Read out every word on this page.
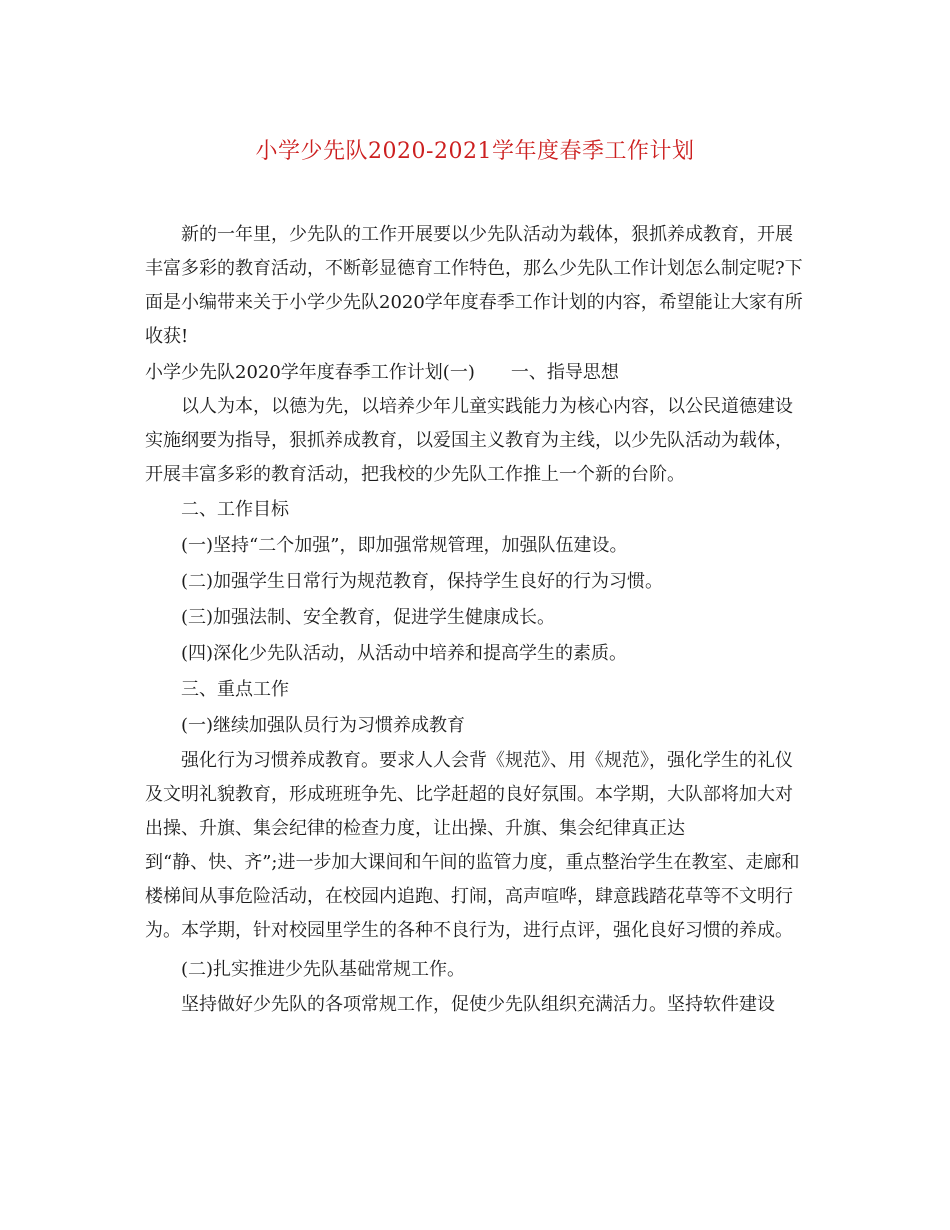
小学少先队2020-2021学年度春季工作计划

新的一年里，少先队的工作开展要以少先队活动为载体，狠抓养成教育，开展丰富多彩的教育活动，不断彰显德育工作特色，那么少先队工作计划怎么制定呢?下面是小编带来关于小学少先队2020学年度春季工作计划的内容，希望能让大家有所收获!

小学少先队2020学年度春季工作计划(一)　　一、指导思想

以人为本，以德为先，以培养少年儿童实践能力为核心内容，以公民道德建设实施纲要为指导，狠抓养成教育，以爱国主义教育为主线，以少先队活动为载体，开展丰富多彩的教育活动，把我校的少先队工作推上一个新的台阶。

二、工作目标

(一)坚持“二个加强”，即加强常规管理，加强队伍建设。

(二)加强学生日常行为规范教育，保持学生良好的行为习惯。

(三)加强法制、安全教育，促进学生健康成长。

(四)深化少先队活动，从活动中培养和提高学生的素质。

三、重点工作

(一)继续加强队员行为习惯养成教育

强化行为习惯养成教育。要求人人会背《规范》、用《规范》，强化学生的礼仪及文明礼貌教育，形成班班争先、比学赶超的良好氛围。本学期，大队部将加大对出操、升旗、集会纪律的检查力度，让出操、升旗、集会纪律真正达

到“静、快、齐”;进一步加大课间和午间的监管力度，重点整治学生在教室、走廊和楼梯间从事危险活动，在校园内追跑、打闹，高声喧哗，肆意践踏花草等不文明行为。本学期，针对校园里学生的各种不良行为，进行点评，强化良好习惯的养成。

(二)扎实推进少先队基础常规工作。

坚持做好少先队的各项常规工作，促使少先队组织充满活力。坚持软件建设
